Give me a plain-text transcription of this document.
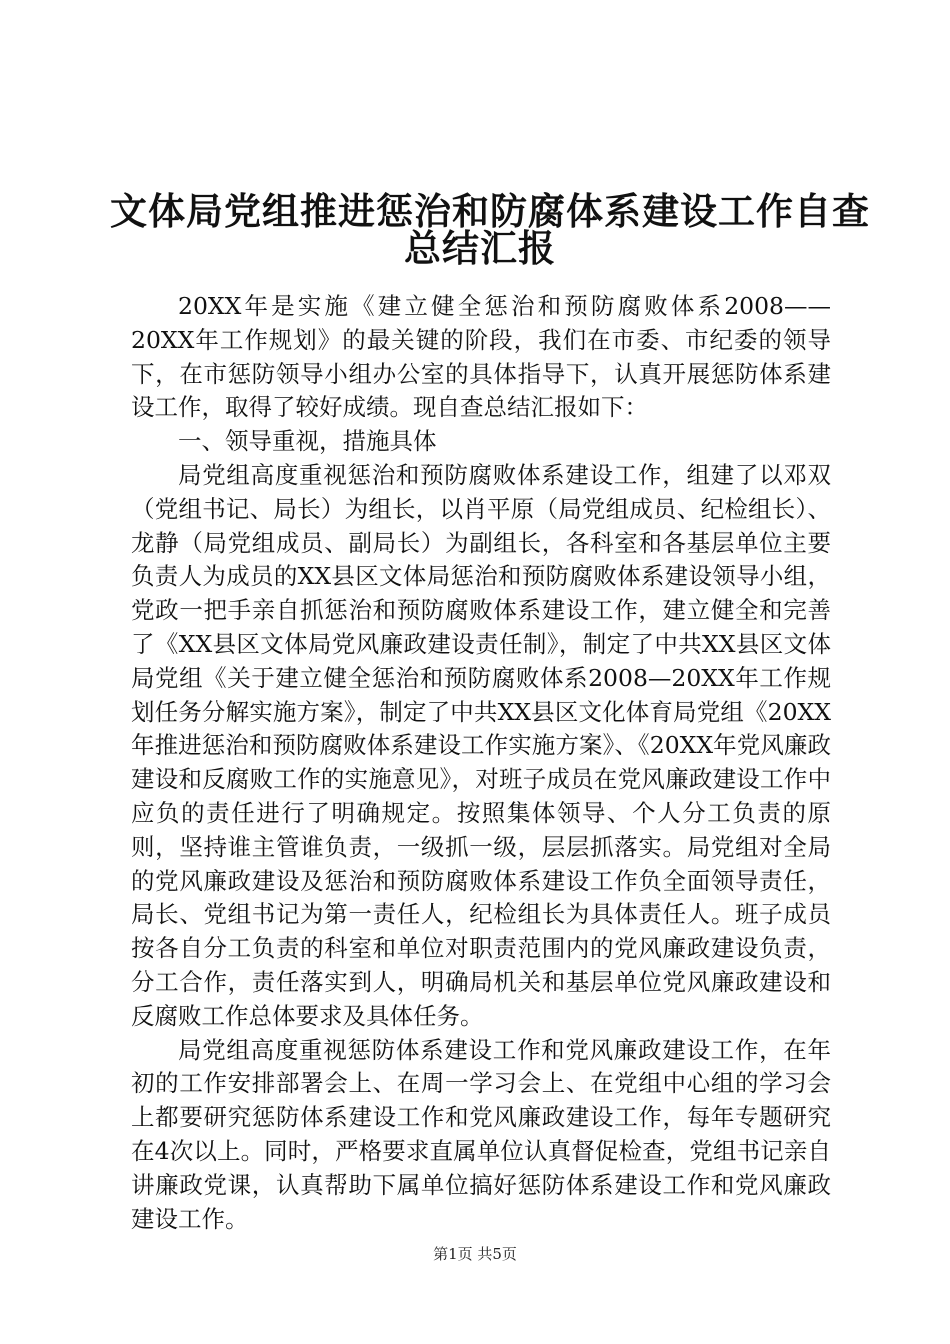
文体局党组推进惩治和防腐体系建设工作自查
总结汇报

20XX年是实施《建立健全惩治和预防腐败体系2008——20XX年工作规划》的最关键的阶段，我们在市委、市纪委的领导下，在市惩防领导小组办公室的具体指导下，认真开展惩防体系建设工作，取得了较好成绩。现自查总结汇报如下：

一、领导重视，措施具体

局党组高度重视惩治和预防腐败体系建设工作，组建了以邓双（党组书记、局长）为组长，以肖平原（局党组成员、纪检组长）、龙静（局党组成员、副局长）为副组长，各科室和各基层单位主要负责人为成员的XX县区文体局惩治和预防腐败体系建设领导小组，党政一把手亲自抓惩治和预防腐败体系建设工作，建立健全和完善了《XX县区文体局党风廉政建设责任制》，制定了中共XX县区文体局党组《关于建立健全惩治和预防腐败体系2008—20XX年工作规划任务分解实施方案》，制定了中共XX县区文化体育局党组《20XX年推进惩治和预防腐败体系建设工作实施方案》、《20XX年党风廉政建设和反腐败工作的实施意见》，对班子成员在党风廉政建设工作中应负的责任进行了明确规定。按照集体领导、个人分工负责的原则，坚持谁主管谁负责，一级抓一级，层层抓落实。局党组对全局的党风廉政建设及惩治和预防腐败体系建设工作负全面领导责任，局长、党组书记为第一责任人，纪检组长为具体责任人。班子成员按各自分工负责的科室和单位对职责范围内的党风廉政建设负责，分工合作，责任落实到人，明确局机关和基层单位党风廉政建设和反腐败工作总体要求及具体任务。

局党组高度重视惩防体系建设工作和党风廉政建设工作，在年初的工作安排部署会上、在周一学习会上、在党组中心组的学习会上都要研究惩防体系建设工作和党风廉政建设工作，每年专题研究在4次以上。同时，严格要求直属单位认真督促检查，党组书记亲自讲廉政党课，认真帮助下属单位搞好惩防体系建设工作和党风廉政建设工作。

第1页 共5页
